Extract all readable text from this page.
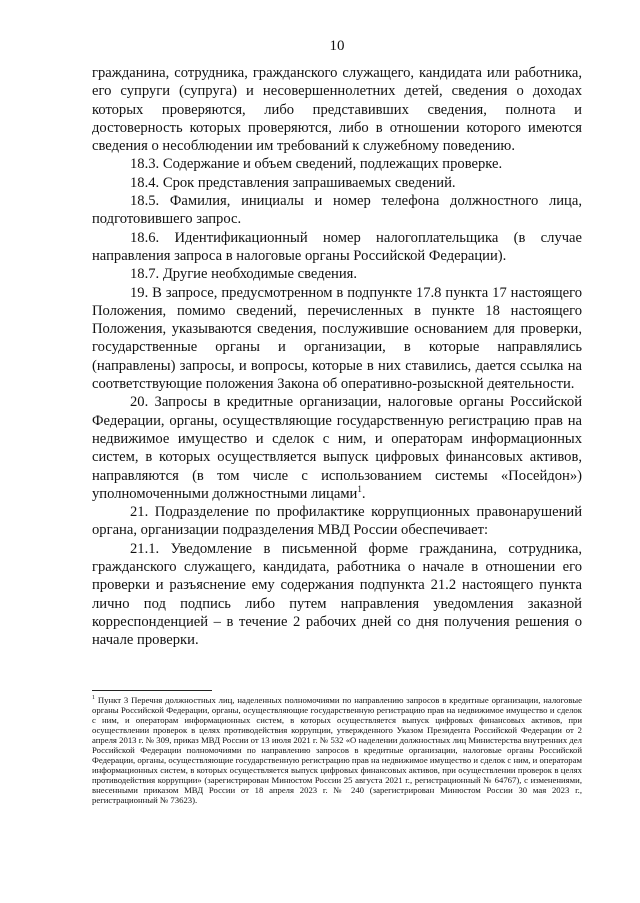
10

гражданина, сотрудника, гражданского служащего, кандидата или работника, его супруги (супруга) и несовершеннолетних детей, сведения о доходах которых проверяются, либо представивших сведения, полнота и достоверность которых проверяются, либо в отношении которого имеются сведения о несоблюдении им требований к служебному поведению.

18.3. Содержание и объем сведений, подлежащих проверке.

18.4. Срок представления запрашиваемых сведений.

18.5. Фамилия, инициалы и номер телефона должностного лица, подготовившего запрос.

18.6. Идентификационный номер налогоплательщика (в случае направления запроса в налоговые органы Российской Федерации).

18.7. Другие необходимые сведения.

19. В запросе, предусмотренном в подпункте 17.8 пункта 17 настоящего Положения, помимо сведений, перечисленных в пункте 18 настоящего Положения, указываются сведения, послужившие основанием для проверки, государственные органы и организации, в которые направлялись (направлены) запросы, и вопросы, которые в них ставились, дается ссылка на соответствующие положения Закона об оперативно-розыскной деятельности.

20. Запросы в кредитные организации, налоговые органы Российской Федерации, органы, осуществляющие государственную регистрацию прав на недвижимое имущество и сделок с ним, и операторам информационных систем, в которых осуществляется выпуск цифровых финансовых активов, направляются (в том числе с использованием системы «Посейдон») уполномоченными должностными лицами$^1$.

21. Подразделение по профилактике коррупционных правонарушений органа, организации подразделения МВД России обеспечивает:

21.1. Уведомление в письменной форме гражданина, сотрудника, гражданского служащего, кандидата, работника о начале в отношении его проверки и разъяснение ему содержания подпункта 21.2 настоящего пункта лично под подпись либо путем направления уведомления заказной корреспонденцией – в течение 2 рабочих дней со дня получения решения о начале проверки.

$^1$ Пункт 3 Перечня должностных лиц, наделенных полномочиями по направлению запросов в кредитные организации, налоговые органы Российской Федерации, органы, осуществляющие государственную регистрацию прав на недвижимое имущество и сделок с ним, и операторам информационных систем, в которых осуществляется выпуск цифровых финансовых активов, при осуществлении проверок в целях противодействия коррупции, утвержденного Указом Президента Российской Федерации от 2 апреля 2013 г. № 309, приказ МВД России от 13 июля 2021 г. № 532 «О наделении должностных лиц Министерства внутренних дел Российской Федерации полномочиями по направлению запросов в кредитные организации, налоговые органы Российской Федерации, органы, осуществляющие государственную регистрацию прав на недвижимое имущество и сделок с ним, и операторам информационных систем, в которых осуществляется выпуск цифровых финансовых активов, при осуществлении проверок в целях противодействия коррупции» (зарегистрирован Минюстом России 25 августа 2021 г., регистрационный № 64767), с изменениями, внесенными приказом МВД России от 18 апреля 2023 г. № 240 (зарегистрирован Минюстом России 30 мая 2023 г., регистрационный № 73623).
